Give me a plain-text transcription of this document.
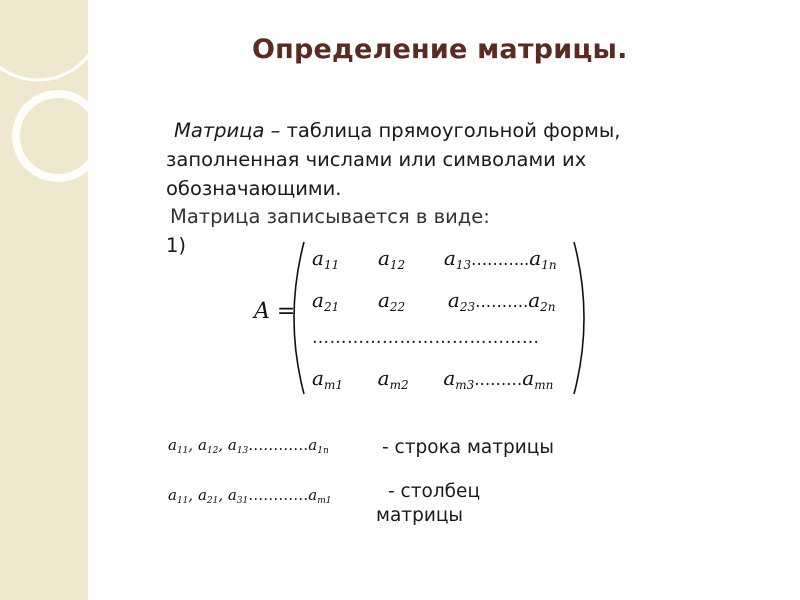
Определение матрицы.
Матрица – таблица прямоугольной формы, заполненная числами или символами их обозначающими.
Матрица записывается в виде:
1)
A =
$a_{11}$ $a_{12}$ $a_{13}\dots\dots\dots..a_{1n}$
$a_{21}$ $a_{22}$ $a_{23}\dots\dots\dots.a_{2n}$
…………………………………
$a_{m1}$ $a_{m2}$ $a_{m3}\dots\dots\dots a_{mn}$
$a_{11}$, $a_{12}$, $a_{13}\dots\dots\dots\dots a_{1n}$	- строка матрицы
$a_{11}$, $a_{21}$, $a_{31}\dots\dots\dots\dots a_{m1}$	- столбец
матрицы
